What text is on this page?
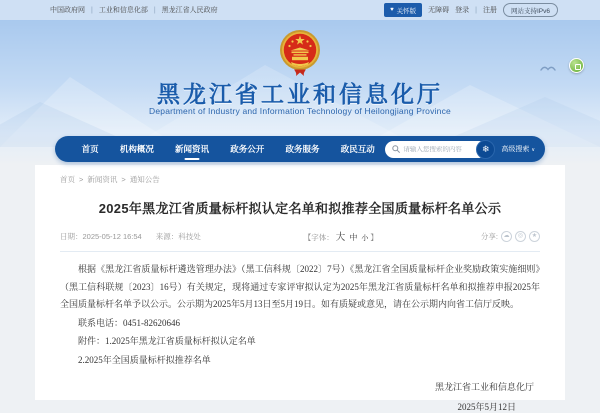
中国政府网 | 工业和信息化部 | 黑龙江省人民政府	♥ 关怀版 无障碍 登录 | 注册	网站支持IPv6
黑龙江省工业和信息化厅
Department of Industry and Information Technology of Heilongjiang Province
首页 机构概况 新闻资讯 政务公开 政务服务 政民互动
请输入您搜索的内容	❄ 高级搜索 ∨
首页 > 新闻资讯 > 通知公告
2025年黑龙江省质量标杆拟认定名单和拟推荐全国质量标杆名单公示
日期：2025-05-12 16:54 来源：科技处	【字体： 大 中 小 】	分享: ☁	◎	★

根据《黑龙江省质量标杆遴选管理办法》（黑工信科规〔2022〕7号）《黑龙江省全国质量标杆企业奖励政策实施细则》（黑工信科联规〔2023〕16号）有关规定，现将通过专家评审拟认定为2025年黑龙江省质量标杆名单和拟推荐申报2025年全国质量标杆名单予以公示。公示期为2025年5月13日至5月19日。如有质疑或意见，请在公示期内向省工信厅反映。

联系电话：0451-82620646

附件：1.2025年黑龙江省质量标杆拟认定名单

2.2025年全国质量标杆拟推荐名单

黑龙江省工业和信息化厅
2025年5月12日
